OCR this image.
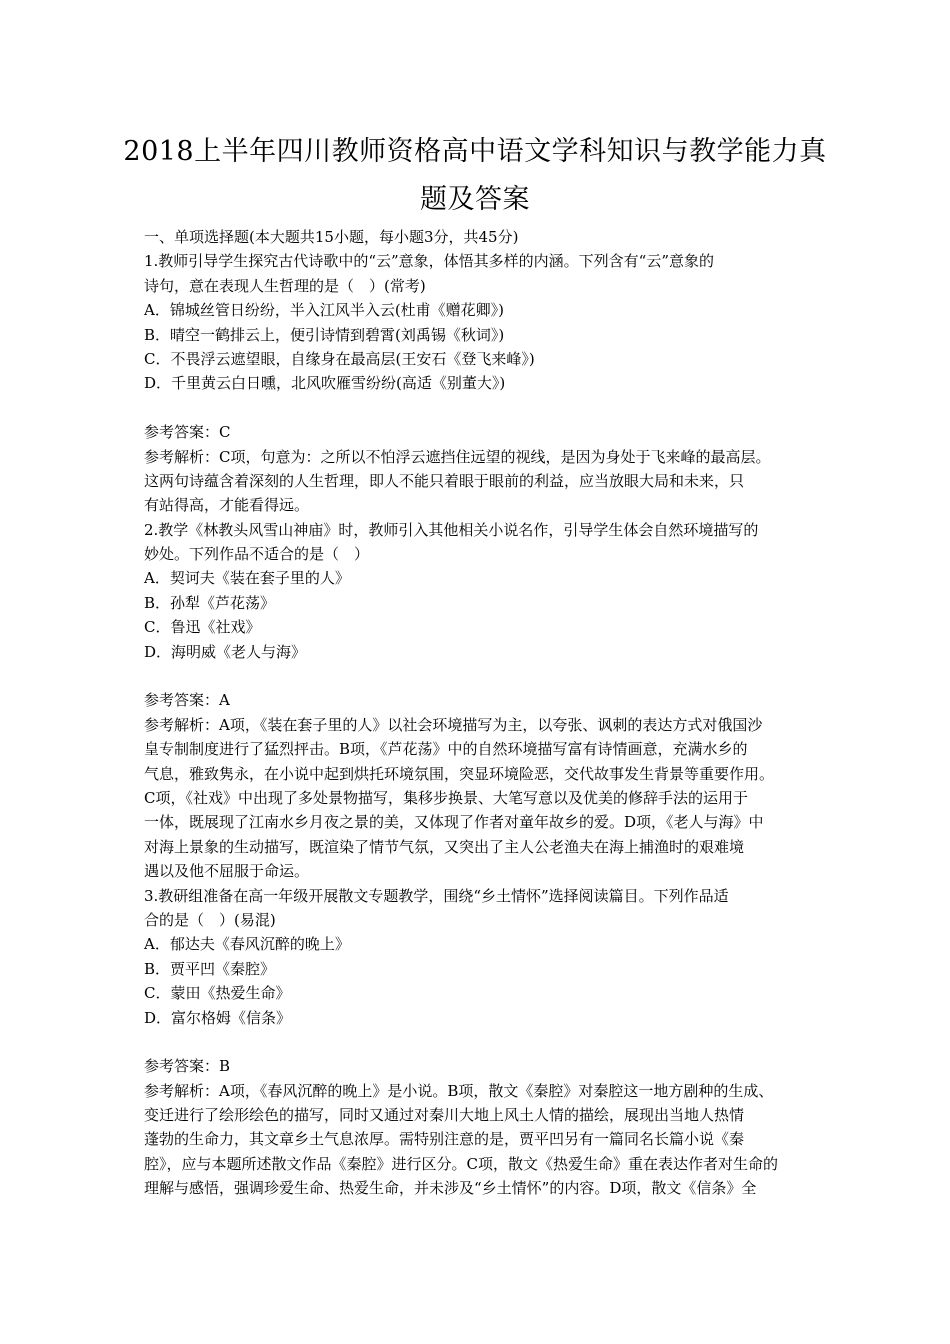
2018上半年四川教师资格高中语文学科知识与教学能力真
题及答案
一、单项选择题(本大题共15小题，每小题3分，共45分)
1.教师引导学生探究古代诗歌中的“云”意象，体悟其多样的内涵。下列含有“云”意象的
诗句，意在表现人生哲理的是（　）(常考)
A．锦城丝管日纷纷，半入江风半入云(杜甫《赠花卿》)
B．晴空一鹤排云上，便引诗情到碧霄(刘禹锡《秋词》)
C．不畏浮云遮望眼，自缘身在最高层(王安石《登飞来峰》)
D．千里黄云白日曛，北风吹雁雪纷纷(高适《别董大》)
参考答案：C
参考解析：C项，句意为：之所以不怕浮云遮挡住远望的视线，是因为身处于飞来峰的最高层。
这两句诗蕴含着深刻的人生哲理，即人不能只着眼于眼前的利益，应当放眼大局和未来，只
有站得高，才能看得远。
2.教学《林教头风雪山神庙》时，教师引入其他相关小说名作，引导学生体会自然环境描写的
妙处。下列作品不适合的是（　）
A．契诃夫《装在套子里的人》
B．孙犁《芦花荡》
C．鲁迅《社戏》
D．海明威《老人与海》
参考答案：A
参考解析：A项，《装在套子里的人》以社会环境描写为主，以夸张、讽刺的表达方式对俄国沙
皇专制制度进行了猛烈抨击。B项，《芦花荡》中的自然环境描写富有诗情画意，充满水乡的
气息，雅致隽永，在小说中起到烘托环境氛围，突显环境险恶，交代故事发生背景等重要作用。
C项，《社戏》中出现了多处景物描写，集移步换景、大笔写意以及优美的修辞手法的运用于
一体，既展现了江南水乡月夜之景的美，又体现了作者对童年故乡的爱。D项，《老人与海》中
对海上景象的生动描写，既渲染了情节气氛，又突出了主人公老渔夫在海上捕渔时的艰难境
遇以及他不屈服于命运。
3.教研组准备在高一年级开展散文专题教学，围绕“乡土情怀”选择阅读篇目。下列作品适
合的是（　）(易混)
A．郁达夫《春风沉醉的晚上》
B．贾平凹《秦腔》
C．蒙田《热爱生命》
D．富尔格姆《信条》
参考答案：B
参考解析：A项，《春风沉醉的晚上》是小说。B项，散文《秦腔》对秦腔这一地方剧种的生成、
变迁进行了绘形绘色的描写，同时又通过对秦川大地上风土人情的描绘，展现出当地人热情
蓬勃的生命力，其文章乡土气息浓厚。需特别注意的是，贾平凹另有一篇同名长篇小说《秦
腔》，应与本题所述散文作品《秦腔》进行区分。C项，散文《热爱生命》重在表达作者对生命的
理解与感悟，强调珍爱生命、热爱生命，并未涉及“乡土情怀”的内容。D项，散文《信条》全
